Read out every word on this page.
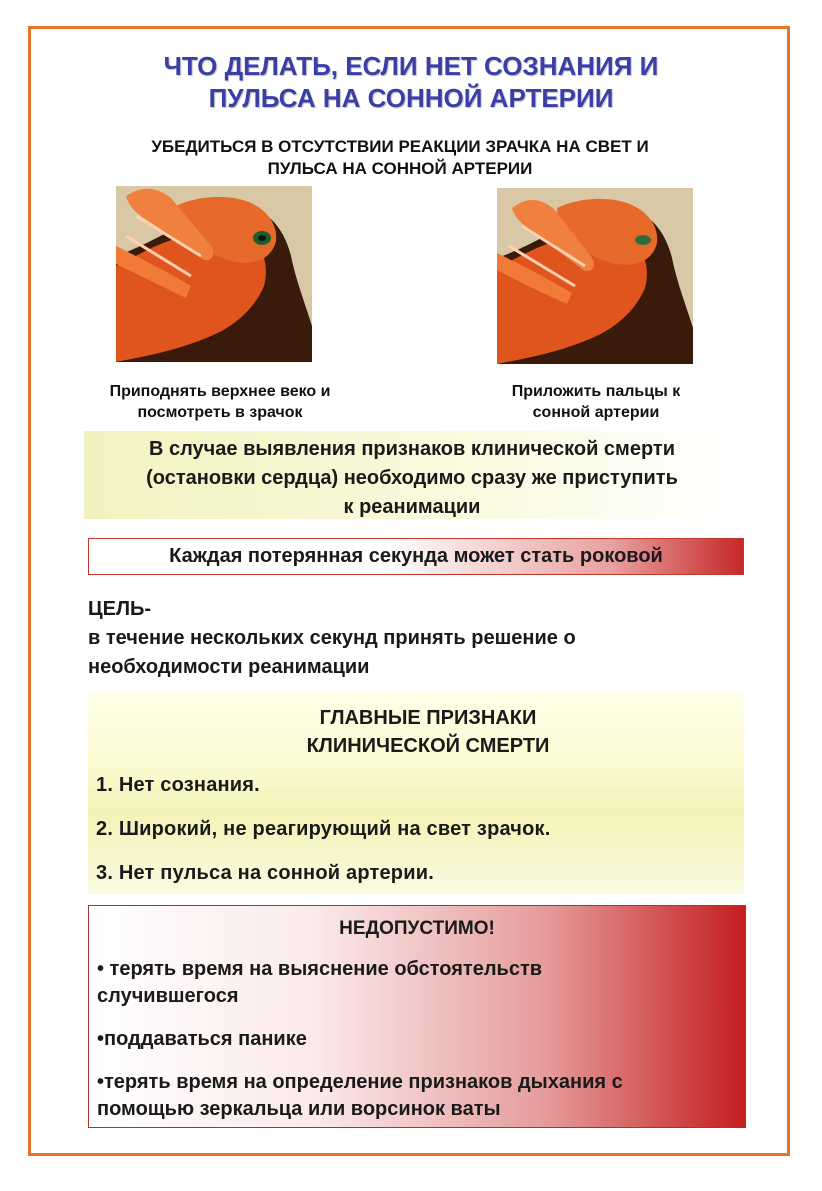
ЧТО ДЕЛАТЬ, ЕСЛИ НЕТ СОЗНАНИЯ И
ПУЛЬСА НА СОННОЙ АРТЕРИИ
УБЕДИТЬСЯ В ОТСУТСТВИИ РЕАКЦИИ ЗРАЧКА НА СВЕТ И
ПУЛЬСА НА СОННОЙ АРТЕРИИ
Приподнять верхнее веко и
посмотреть в зрачок
Приложить пальцы к
сонной артерии
В случае выявления признаков клинической смерти
(остановки сердца) необходимо сразу же приступить
к реанимации
Каждая потерянная секунда может стать роковой
ЦЕЛЬ-
в течение нескольких секунд принять решение о
необходимости реанимации
ГЛАВНЫЕ ПРИЗНАКИ
КЛИНИЧЕСКОЙ СМЕРТИ
1. Нет сознания.
2. Широкий, не реагирующий на свет зрачок.
3. Нет пульса на сонной артерии.
НЕДОПУСТИМО!
• терять время на выяснение обстоятельств
случившегося
•поддаваться панике
•терять время на определение признаков дыхания с
помощью зеркальца или ворсинок ваты
